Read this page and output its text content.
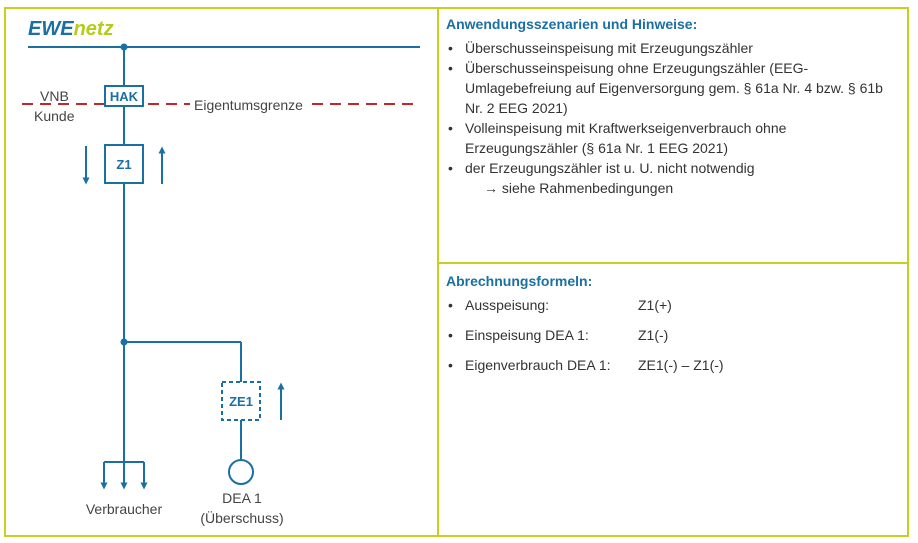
EWEnetz
VNB
Kunde
Eigentumsgrenze
HAK
Z1
ZE1
DEA 1
(Überschuss)
Verbraucher
Anwendungsszenarien und Hinweise:
• Überschusseinspeisung mit Erzeugungszähler
• Überschusseinspeisung ohne Erzeugungszähler (EEG-Umlagebefreiung auf Eigenversorgung gem. § 61a Nr. 4 bzw. § 61b Nr. 2 EEG 2021)
• Volleinspeisung mit Kraftwerkseigenverbrauch ohne Erzeugungszähler (§ 61a Nr. 1 EEG 2021)
• der Erzeugungszähler ist u. U. nicht notwendig
→ siehe Rahmenbedingungen
Abrechnungsformeln:
• Ausspeisung:	Z1(+)
• Einspeisung DEA 1:	Z1(-)
• Eigenverbrauch DEA 1: ZE1(-) – Z1(-)
